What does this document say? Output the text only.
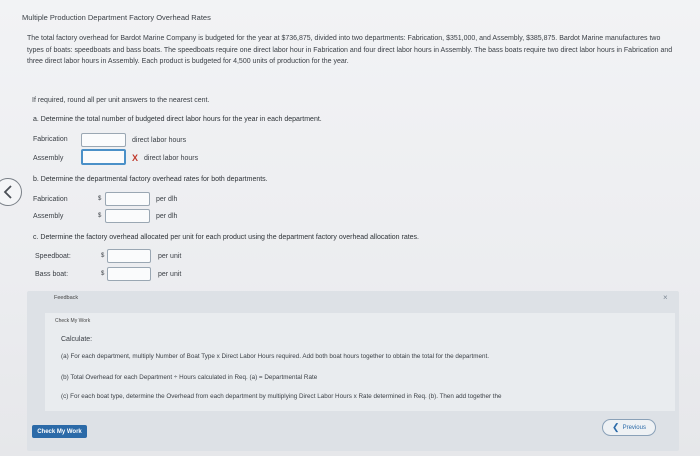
Multiple Production Department Factory Overhead Rates
The total factory overhead for Bardot Marine Company is budgeted for the year at $736,875, divided into two departments: Fabrication, $351,000, and Assembly, $385,875. Bardot Marine manufactures two types of boats: speedboats and bass boats. The speedboats require one direct labor hour in Fabrication and four direct labor hours in Assembly. The bass boats require two direct labor hours in Fabrication and three direct labor hours in Assembly. Each product is budgeted for 4,500 units of production for the year.
If required, round all per unit answers to the nearest cent.
a. Determine the total number of budgeted direct labor hours for the year in each department.
Fabrication	direct labor hours
Assembly	X direct labor hours
b. Determine the departmental factory overhead rates for both departments.
Fabrication	$	per dlh
Assembly	$	per dlh
c. Determine the factory overhead allocated per unit for each product using the department factory overhead allocation rates.
Speedboat:	$	per unit
Bass boat:	$	per unit
Feedback	×
Check My Work
Calculate:
(a) For each department, multiply Number of Boat Type x Direct Labor Hours required. Add both boat hours together to obtain the total for the department.
(b) Total Overhead for each Department ÷ Hours calculated in Req. (a) = Departmental Rate
(c) For each boat type, determine the Overhead from each department by multiplying Direct Labor Hours x Rate determined in Req. (b). Then add together the
Check My Work	❮ Previous
